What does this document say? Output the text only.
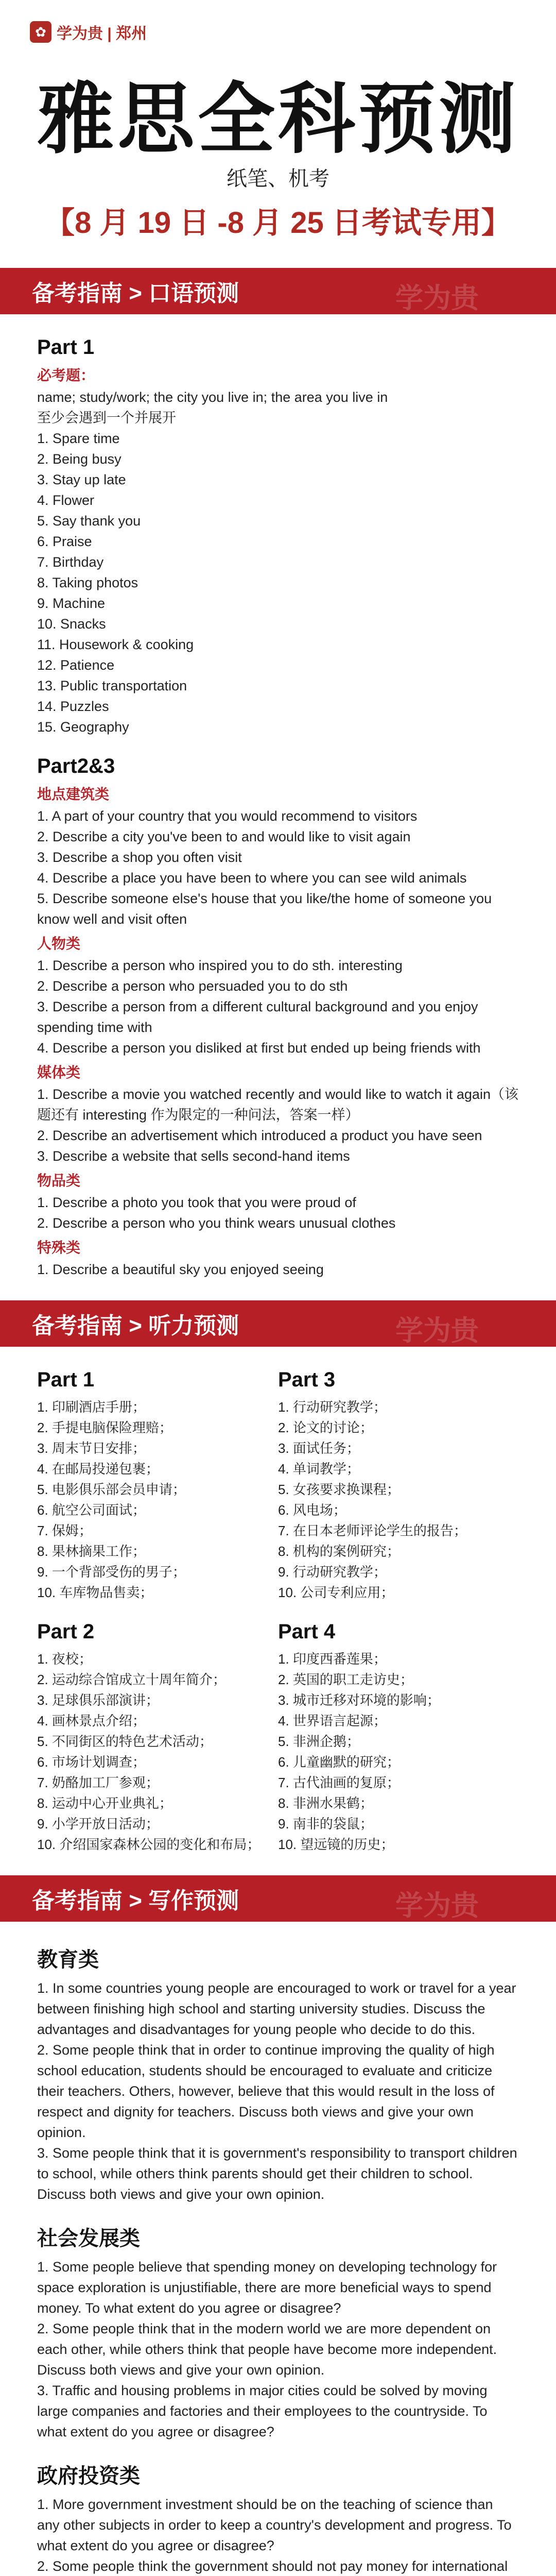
✿ 学为贵 | 郑州
雅思全科预测
纸笔、机考
【8 月 19 日 -8 月 25 日考试专用】
备考指南 > 口语预测	学为贵
Part 1
必考题：
name; study/work; the city you live in; the area you live in
至少会遇到一个并展开
1. Spare time
2. Being busy
3. Stay up late
4. Flower
5. Say thank you
6. Praise
7. Birthday
8. Taking photos
9. Machine
10. Snacks
11. Housework & cooking
12. Patience
13. Public transportation
14. Puzzles
15. Geography
Part2&3
地点建筑类
1. A part of your country that you would recommend to visitors
2. Describe a city you've been to and would like to visit again
3. Describe a shop you often visit
4. Describe a place you have been to where you can see wild animals
5. Describe someone else's house that you like/the home of someone you know well and visit often
人物类
1. Describe a person who inspired you to do sth. interesting
2. Describe a person who persuaded you to do sth
3. Describe a person from a different cultural background and you enjoy spending time with
4. Describe a person you disliked at first but ended up being friends with
媒体类
1. Describe a movie you watched recently and would like to watch it again（该题还有 interesting 作为限定的一种问法，答案一样）
2. Describe an advertisement which introduced a product you have seen
3. Describe a website that sells second-hand items
物品类
1. Describe a photo you took that you were proud of
2. Describe a person who you think wears unusual clothes
特殊类
1. Describe a beautiful sky you enjoyed seeing
备考指南 > 听力预测	学为贵
Part 1
1. 印刷酒店手册；
2. 手提电脑保险理赔；
3. 周末节日安排；
4. 在邮局投递包裹；
5. 电影俱乐部会员申请；
6. 航空公司面试；
7. 保姆；
8. 果林摘果工作；
9. 一个背部受伤的男子；
10. 车库物品售卖；
Part 3
1. 行动研究教学；
2. 论文的讨论；
3. 面试任务；
4. 单词教学；
5. 女孩要求换课程；
6. 风电场；
7. 在日本老师评论学生的报告；
8. 机构的案例研究；
9. 行动研究教学；
10. 公司专利应用；
Part 2
1. 夜校；
2. 运动综合馆成立十周年简介；
3. 足球俱乐部演讲；
4. 画林景点介绍；
5. 不同街区的特色艺术活动；
6. 市场计划调查；
7. 奶酪加工厂参观；
8. 运动中心开业典礼；
9. 小学开放日活动；
10. 介绍国家森林公园的变化和布局；
Part 4
1. 印度西番莲果；
2. 英国的职工走访史；
3. 城市迁移对环境的影响；
4. 世界语言起源；
5. 非洲企鹅；
6. 儿童幽默的研究；
7. 古代油画的复原；
8. 非洲水果鹤；
9. 南非的袋鼠；
10. 望远镜的历史；
备考指南 > 写作预测	学为贵
教育类
1. In some countries young people are encouraged to work or travel for a year between finishing high school and starting university studies. Discuss the advantages and disadvantages for young people who decide to do this.
2. Some people think that in order to continue improving the quality of high school education, students should be encouraged to evaluate and criticize their teachers. Others, however, believe that this would result in the loss of respect and dignity for teachers. Discuss both views and give your own opinion.
3. Some people think that it is government's responsibility to transport children to school, while others think parents should get their children to school. Discuss both views and give your own opinion.
社会发展类
1. Some people believe that spending money on developing technology for space exploration is unjustifiable, there are more beneficial ways to spend money. To what extent do you agree or disagree?
2. Some people think that in the modern world we are more dependent on each other, while others think that people have become more independent. Discuss both views and give your own opinion.
3. Traffic and housing problems in major cities could be solved by moving large companies and factories and their employees to the countryside. To what extent do you agree or disagree?
政府投资类
1. More government investment should be on the teaching of science than any other subjects in order to keep a country's development and progress. To what extent do you agree or disagree?
2. Some people think the government should not pay money for international
